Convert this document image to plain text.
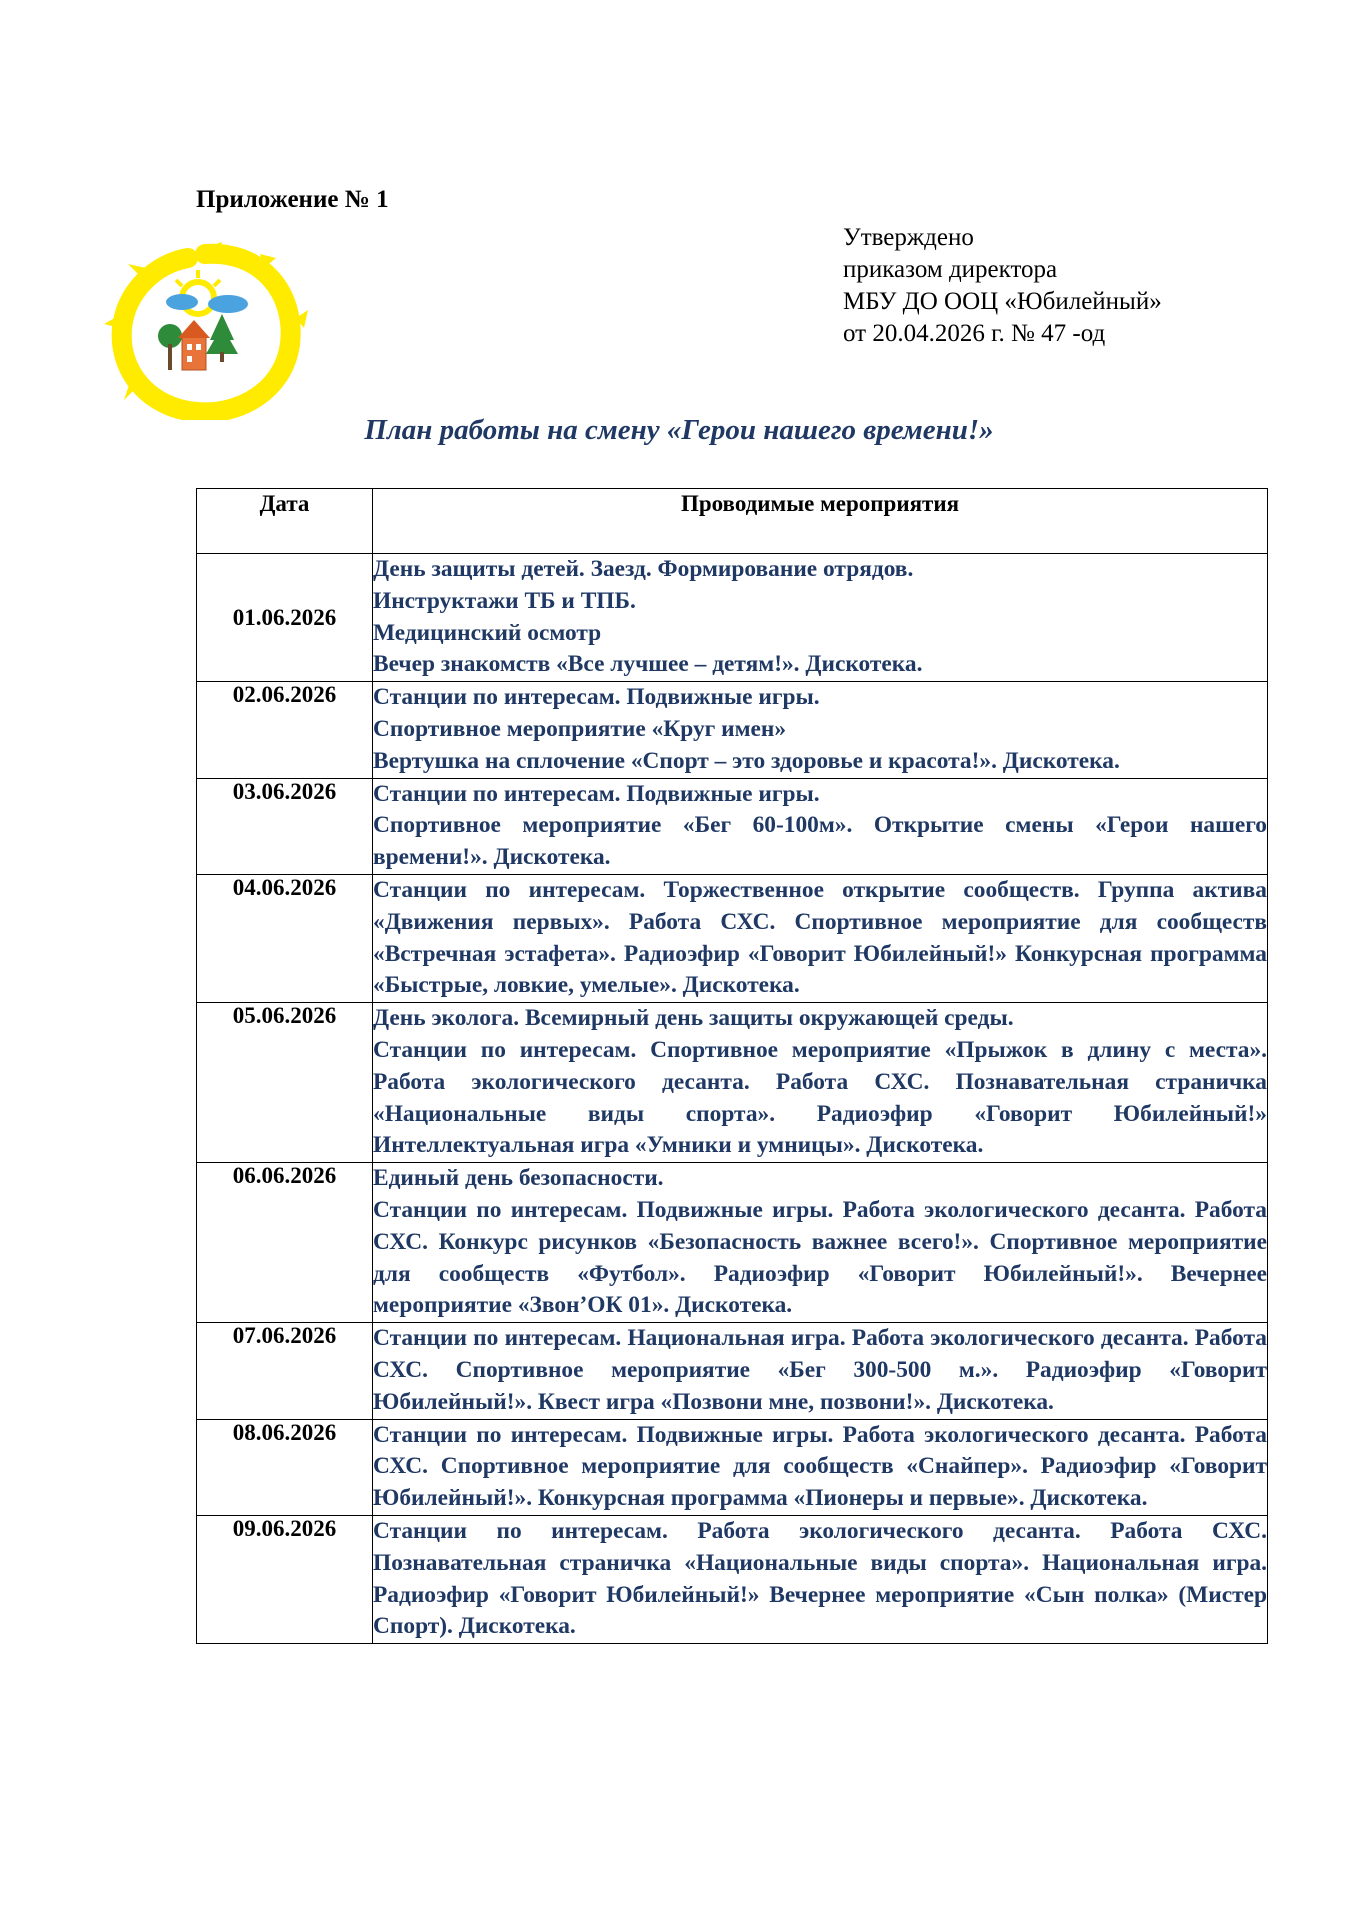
Приложение № 1
Утверждено
приказом директора
МБУ ДО ООЦ «Юбилейный»
от 20.04.2026 г. № 47 -од
План работы на смену «Герои нашего времени!»
Дата	Проводимые мероприятия
01.06.2026	День защиты детей. Заезд. Формирование отрядов.
Инструктажи ТБ и ТПБ.
Медицинский осмотр
Вечер знакомств «Все лучшее – детям!». Дискотека.

02.06.2026	Станции по интересам. Подвижные игры.
Спортивное мероприятие «Круг имен»
Вертушка на сплочение «Спорт – это здоровье и красота!». Дискотека.

03.06.2026	Станции по интересам. Подвижные игры.
Спортивное мероприятие «Бег 60-100м». Открытие смены «Герои нашего времени!». Дискотека.

04.06.2026	Станции по интересам. Торжественное открытие сообществ. Группа актива «Движения первых». Работа СХС. Спортивное мероприятие для сообществ «Встречная эстафета». Радиоэфир «Говорит Юбилейный!» Конкурсная программа «Быстрые, ловкие, умелые». Дискотека.

05.06.2026	День эколога. Всемирный день защиты окружающей среды.
Станции по интересам. Спортивное мероприятие «Прыжок в длину с места». Работа экологического десанта. Работа СХС. Познавательная страничка «Национальные виды спорта». Радиоэфир «Говорит Юбилейный!» Интеллектуальная игра «Умники и умницы». Дискотека.

06.06.2026	Единый день безопасности.
Станции по интересам. Подвижные игры. Работа экологического десанта. Работа СХС. Конкурс рисунков «Безопасность важнее всего!». Спортивное мероприятие для сообществ «Футбол». Радиоэфир «Говорит Юбилейный!». Вечернее мероприятие «Звон’ОК 01». Дискотека.

07.06.2026	Станции по интересам. Национальная игра. Работа экологического десанта. Работа СХС. Спортивное мероприятие «Бег 300-500 м.». Радиоэфир «Говорит Юбилейный!». Квест игра «Позвони мне, позвони!». Дискотека.

08.06.2026	Станции по интересам. Подвижные игры. Работа экологического десанта. Работа СХС. Спортивное мероприятие для сообществ «Снайпер». Радиоэфир «Говорит Юбилейный!». Конкурсная программа «Пионеры и первые». Дискотека.

09.06.2026	Станции по интересам. Работа экологического десанта. Работа СХС. Познавательная страничка «Национальные виды спорта». Национальная игра. Радиоэфир «Говорит Юбилейный!» Вечернее мероприятие «Сын полка» (Мистер Спорт). Дискотека.
